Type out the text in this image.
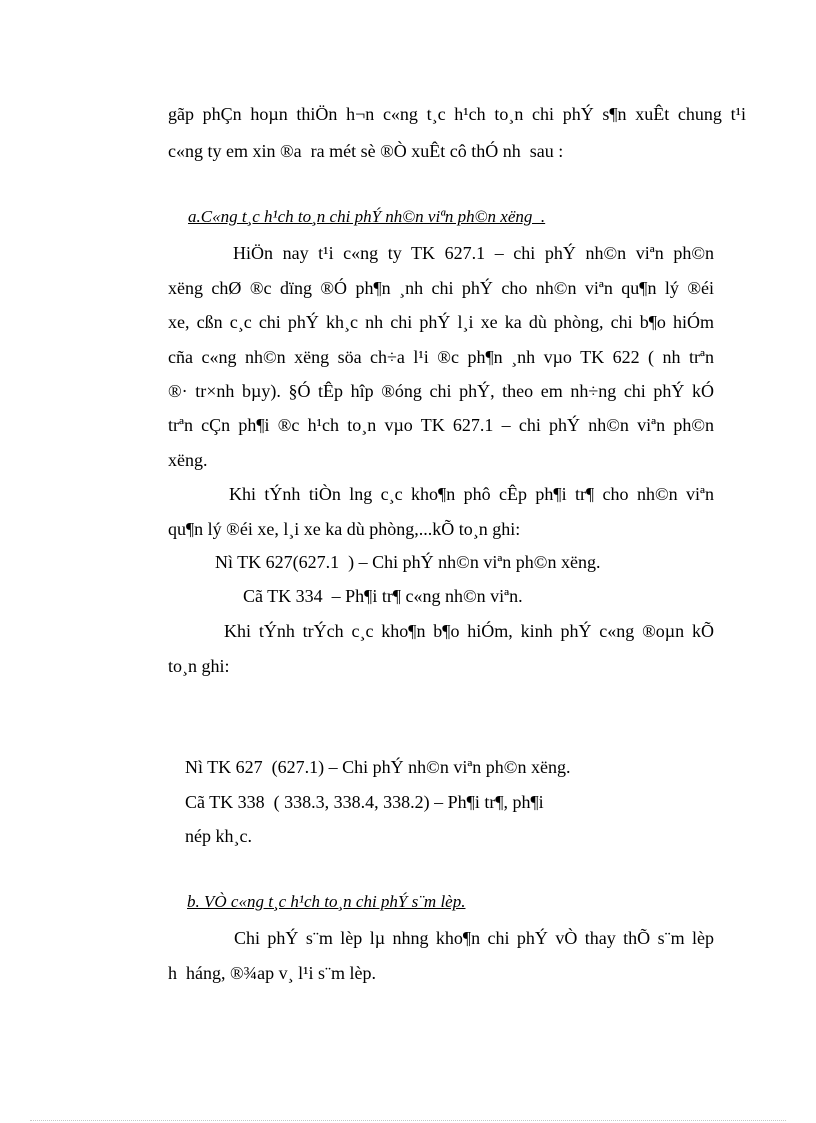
gãp phÇn hoµn thiÖn h¬n c«ng t¸c h¹ch to¸n chi phÝ s¶n xuÊt chung t¹i
c«ng ty em xin ®a  ra mét sè ®Ò xuÊt cô thÓ nh  sau :
a.C«ng t¸c h¹ch to¸n chi phÝ nh©n viªn ph©n xëng  .
HiÖn nay t¹i c«ng ty TK 627.1 – chi phÝ nh©n viªn ph©n
xëng chØ ®c dïng ®Ó ph¶n ¸nh chi phÝ cho nh©n viªn qu¶n lý ®éi
xe, cßn c¸c chi phÝ kh¸c nh chi phÝ l¸i xe ka dù phòng, chi b¶o hiÓm
cña c«ng nh©n xëng söa ch÷a l¹i ®c ph¶n ¸nh vµo TK 622 ( nh trªn
®· tr×nh bµy). §Ó tÊp hîp ®óng chi phÝ, theo em nh÷ng chi phÝ kÓ
trªn cÇn ph¶i ®c h¹ch to¸n vµo TK 627.1 – chi phÝ nh©n viªn ph©n
xëng.
Khi tÝnh tiÒn lng c¸c kho¶n phô cÊp ph¶i tr¶ cho nh©n viªn
qu¶n lý ®éi xe, l¸i xe ka dù phòng,...kÕ to¸n ghi:
Nì TK 627(627.1  ) – Chi phÝ nh©n viªn ph©n xëng.
Cã TK 334  – Ph¶i tr¶ c«ng nh©n viªn.
Khi tÝnh trÝch c¸c kho¶n b¶o hiÓm, kinh phÝ c«ng ®oµn kÕ
to¸n ghi:
Nì TK 627  (627.1) – Chi phÝ nh©n viªn ph©n xëng.
Cã TK 338  ( 338.3, 338.4, 338.2) – Ph¶i tr¶, ph¶i
nép kh¸c.
b. VÒ c«ng t¸c h¹ch to¸n chi phÝ s¨m lèp.
Chi phÝ s¨m lèp lµ nhng kho¶n chi phÝ vÒ thay thÕ s¨m lèp
h  háng, ®¾ap v¸ l¹i s¨m lèp.
